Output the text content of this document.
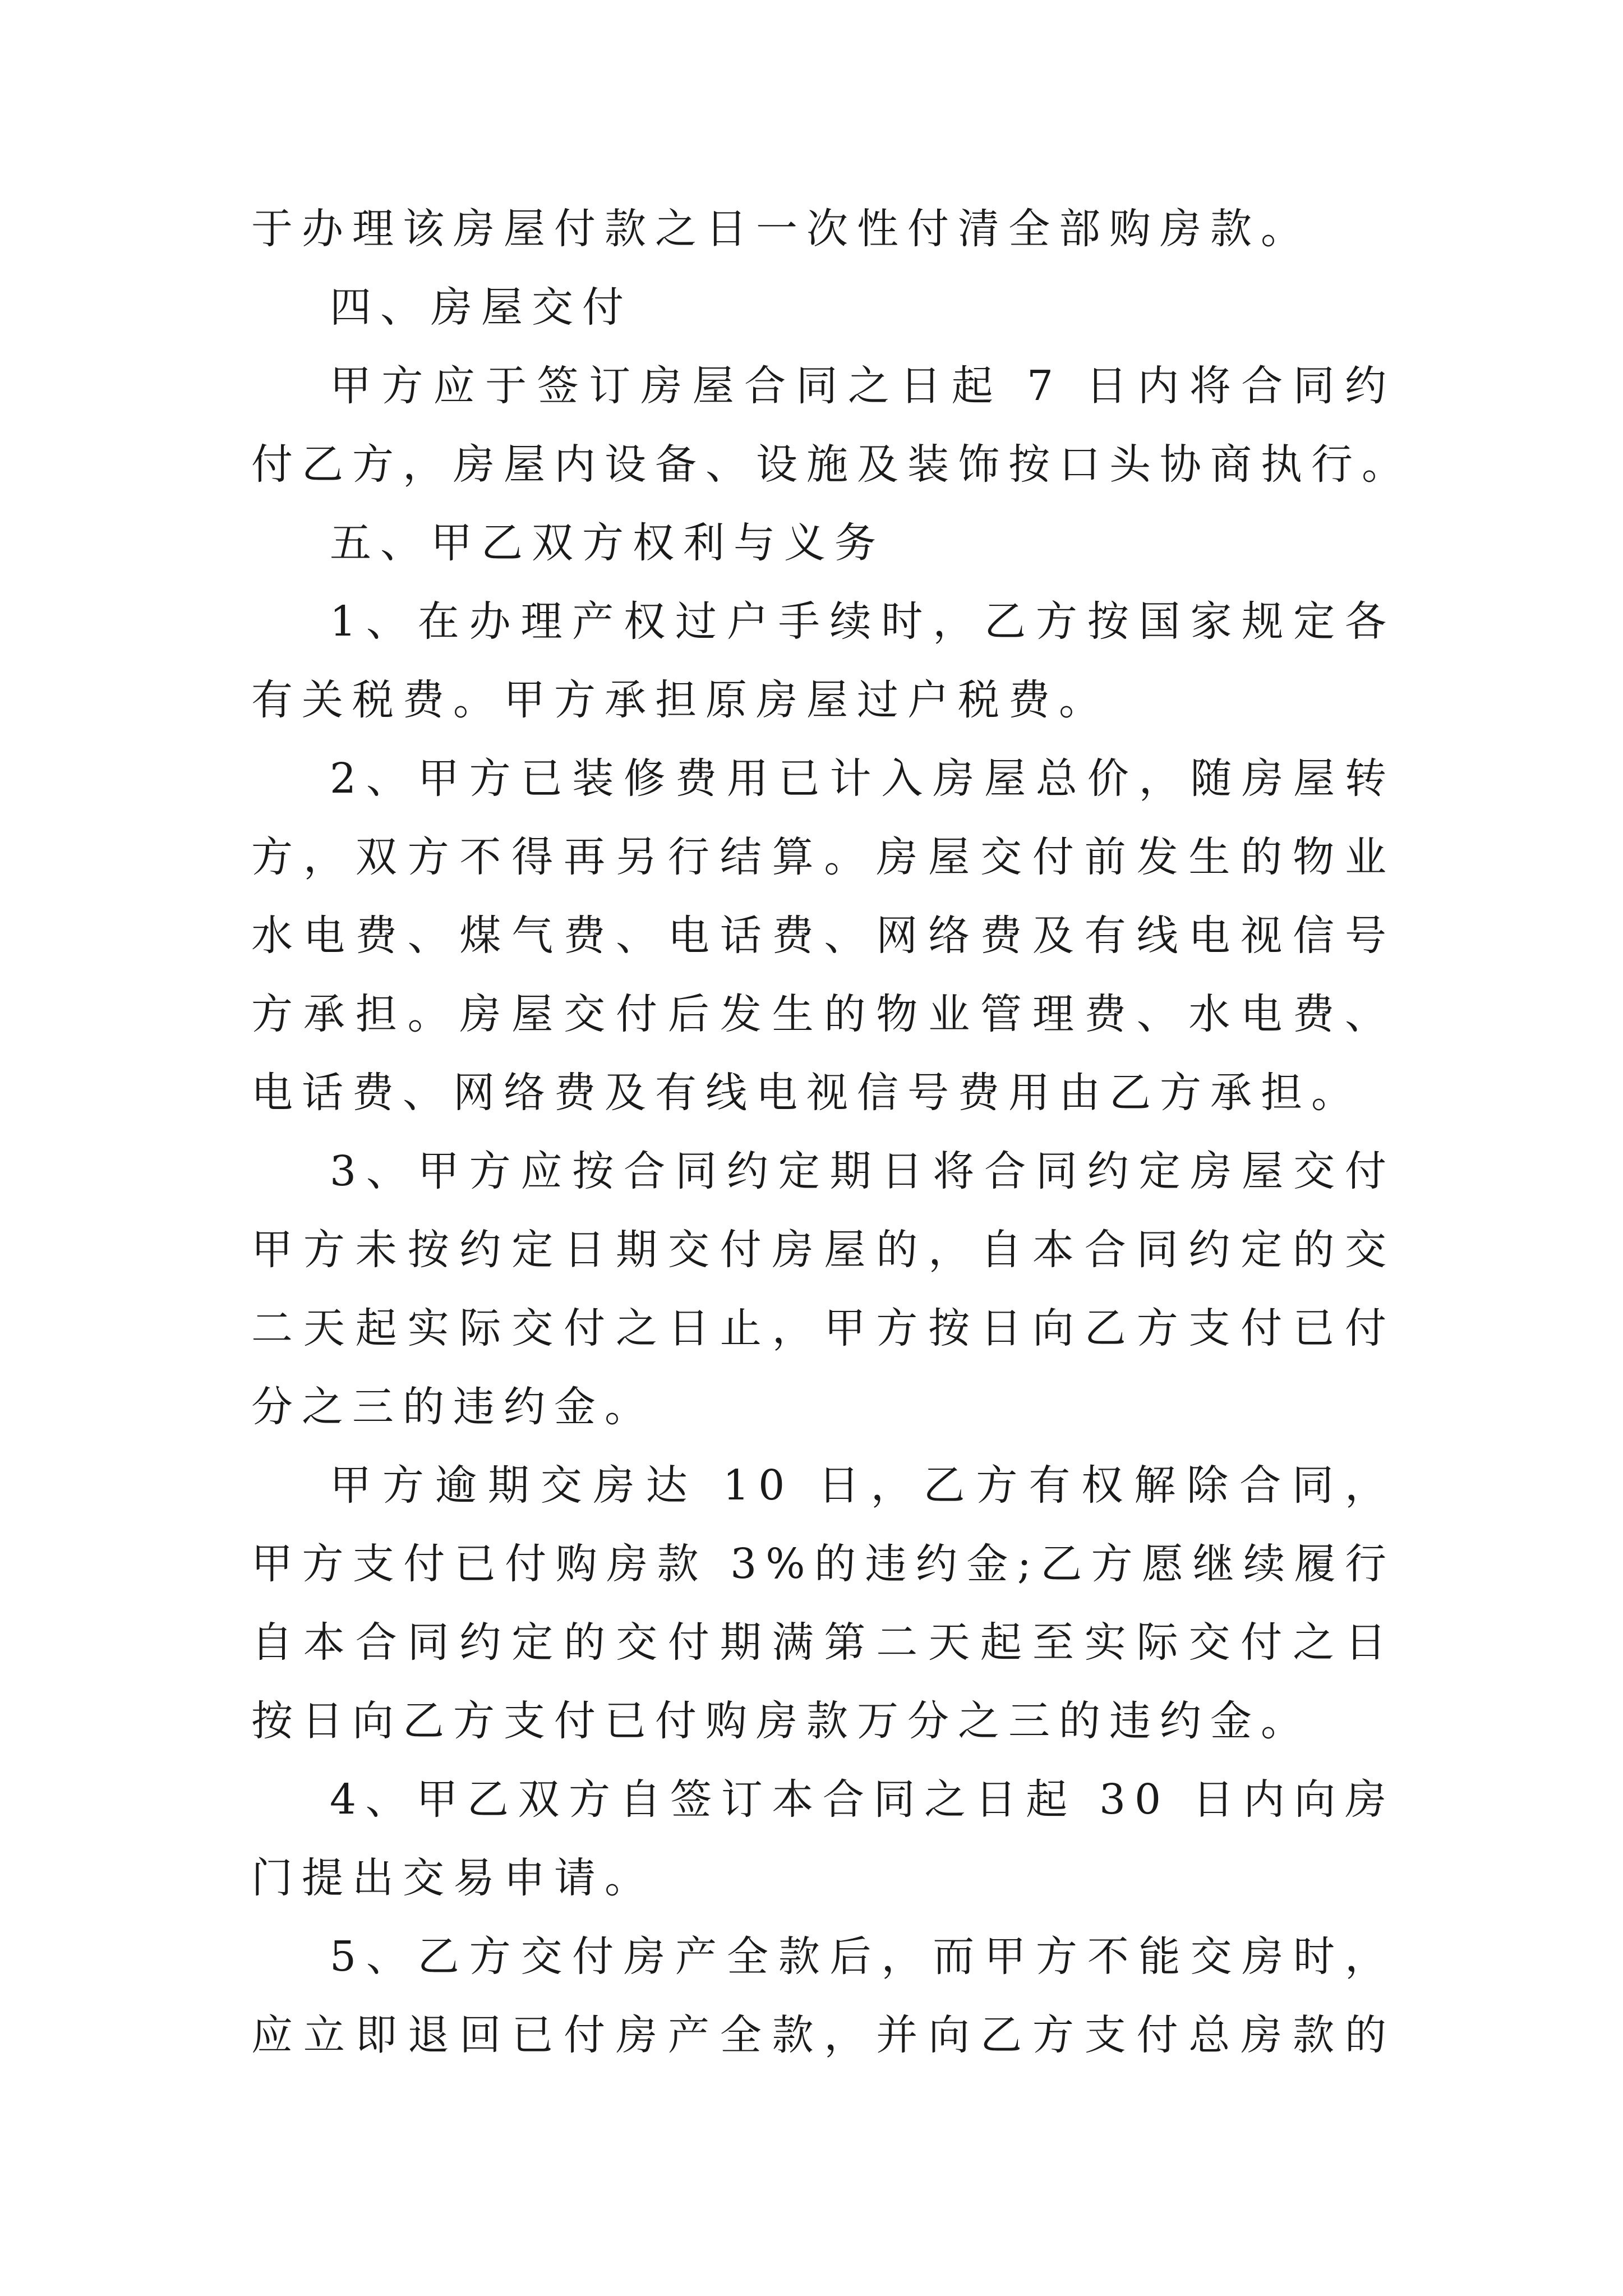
于办理该房屋付款之日一次性付清全部购房款。
四、房屋交付
甲方应于签订房屋合同之日起 7 日内将合同约
付乙方，房屋内设备、设施及装饰按口头协商执行。
五、甲乙双方权利与义务
1、在办理产权过户手续时，乙方按国家规定各
有关税费。甲方承担原房屋过户税费。
2、甲方已装修费用已计入房屋总价，随房屋转
方，双方不得再另行结算。房屋交付前发生的物业
水电费、煤气费、电话费、网络费及有线电视信号
方承担。房屋交付后发生的物业管理费、水电费、
电话费、网络费及有线电视信号费用由乙方承担。
3、甲方应按合同约定期日将合同约定房屋交付
甲方未按约定日期交付房屋的，自本合同约定的交
二天起实际交付之日止，甲方按日向乙方支付已付
分之三的违约金。
甲方逾期交房达 10 日，乙方有权解除合同，
甲方支付已付购房款 3%的违约金;乙方愿继续履行
自本合同约定的交付期满第二天起至实际交付之日
按日向乙方支付已付购房款万分之三的违约金。
4、甲乙双方自签订本合同之日起 30 日内向房
门提出交易申请。
5、乙方交付房产全款后，而甲方不能交房时，
应立即退回已付房产全款，并向乙方支付总房款的
